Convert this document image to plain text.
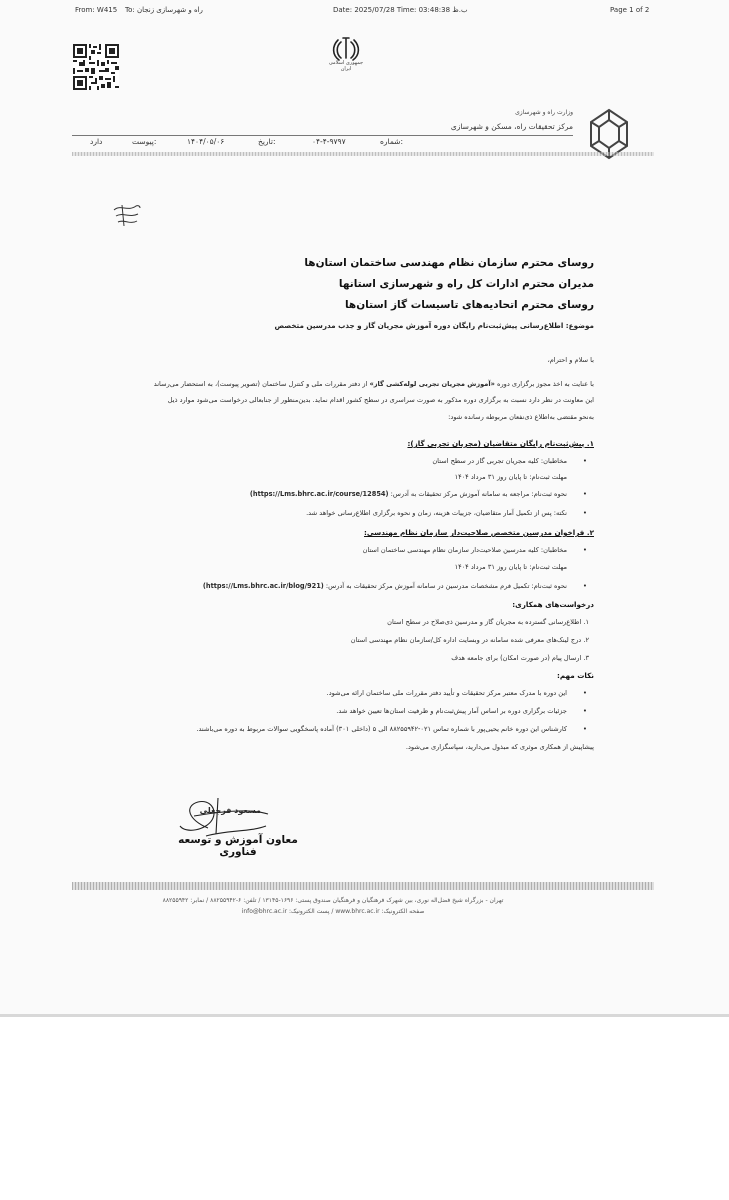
From: W415 To: راه و شهرسازی زنجان	Date: 2025/07/28 Time: 03:48:38 ب.ظ	Page 1 of 2
جمهوری اسلامی ایران
وزارت راه و شهرسازی
مرکز تحقیقات راه، مسکن و شهرسازی
دارد	پیوست:	۱۴۰۴/۰۵/۰۶	تاریخ:	۰۴-۴-۹۷۹۷	شماره:
روسای محترم سازمان نظام مهندسی ساختمان استان‌ها
مدیران محترم ادارات کل راه و شهرسازی استانها
روسای محترم اتحادیه‌های تاسیسات گاز استان‌ها
موضوع: اطلاع‌رسانی پیش‌ثبت‌نام رایگان دوره آموزش مجریان گاز و جذب مدرسین متخصص
با سلام و احترام،
با عنایت به اخذ مجوز برگزاری دوره «آموزش مجریان تجربی لوله‌کشی گاز» از دفتر مقررات ملی و کنترل ساختمان (تصویر پیوست)، به استحضار می‌رساند
این معاونت در نظر دارد نسبت به برگزاری دوره مذکور به صورت سراسری در سطح کشور اقدام نماید. بدین‌منظور از جنابعالی درخواست می‌شود موارد ذیل
به‌نحو مقتضی به‌اطلاع ذی‌نفعان مربوطه رسانده شود:
۱. پیش‌ثبت‌نام رایگان متقاضیان (مجریان تجربی گاز):
مخاطبان: کلیه مجریان تجربی گاز در سطح استان •
مهلت ثبت‌نام: تا پایان روز ۳۱ مرداد ۱۴۰۴
نحوه ثبت‌نام: مراجعه به سامانه آموزش مرکز تحقیقات به آدرس: (https://Lms.bhrc.ac.ir/course/12854) •
نکته: پس از تکمیل آمار متقاضیان، جزییات هزینه، زمان و نحوه برگزاری اطلاع‌رسانی خواهد شد. •
۲. فراخوان مدرسین متخصص صلاحیت‌دار سازمان نظام مهندسی:
مخاطبان: کلیه مدرسین صلاحیت‌دار سازمان نظام مهندسی ساختمان استان •
مهلت ثبت‌نام: تا پایان روز ۳۱ مرداد ۱۴۰۴
نحوه ثبت‌نام: تکمیل فرم مشخصات مدرسین در سامانه آموزش مرکز تحقیقات به آدرس: (https://Lms.bhrc.ac.ir/blog/921) •
درخواست‌های همکاری:
۱. اطلاع‌رسانی گسترده به مجریان گاز و مدرسین ذی‌صلاح در سطح استان
۲. درج لینک‌های معرفی شده سامانه در وبسایت اداره کل/سازمان نظام مهندسی استان
۳. ارسال پیام (در صورت امکان) برای جامعه هدف
نکات مهم:
این دوره با مدرک معتبر مرکز تحقیقات و تأیید دفتر مقررات ملی ساختمان ارائه می‌شود. •
جزئیات برگزاری دوره بر اساس آمار پیش‌ثبت‌نام و ظرفیت استان‌ها تعیین خواهد شد. •
کارشناس این دوره خانم یحیی‌پور با شماره تماس ۰۲۱-۸۸۲۵۵۹۴۲ الی ۵ (داخلی ۳۰۱) آماده پاسخگویی سوالات مربوط به دوره می‌باشند. •
پیشاپیش از همکاری موثری که مبذول می‌دارید، سپاسگزاری می‌شود.
مسعود فرجعلی
معاون آموزش و توسعه فناوری
تهران - بزرگراه شیخ فضل‌اله نوری، بین شهرک فرهنگیان و فرهنگیان صندوق پستی: ۱۶۹۶-۱۳۱۴۵ / تلفن: ۶-۸۸۲۵۵۹۴۲ / نمابر: ۸۸۲۵۵۹۴۲
صفحه الکترونیک: www.bhrc.ac.ir / پست الکترونیک: info@bhrc.ac.ir
